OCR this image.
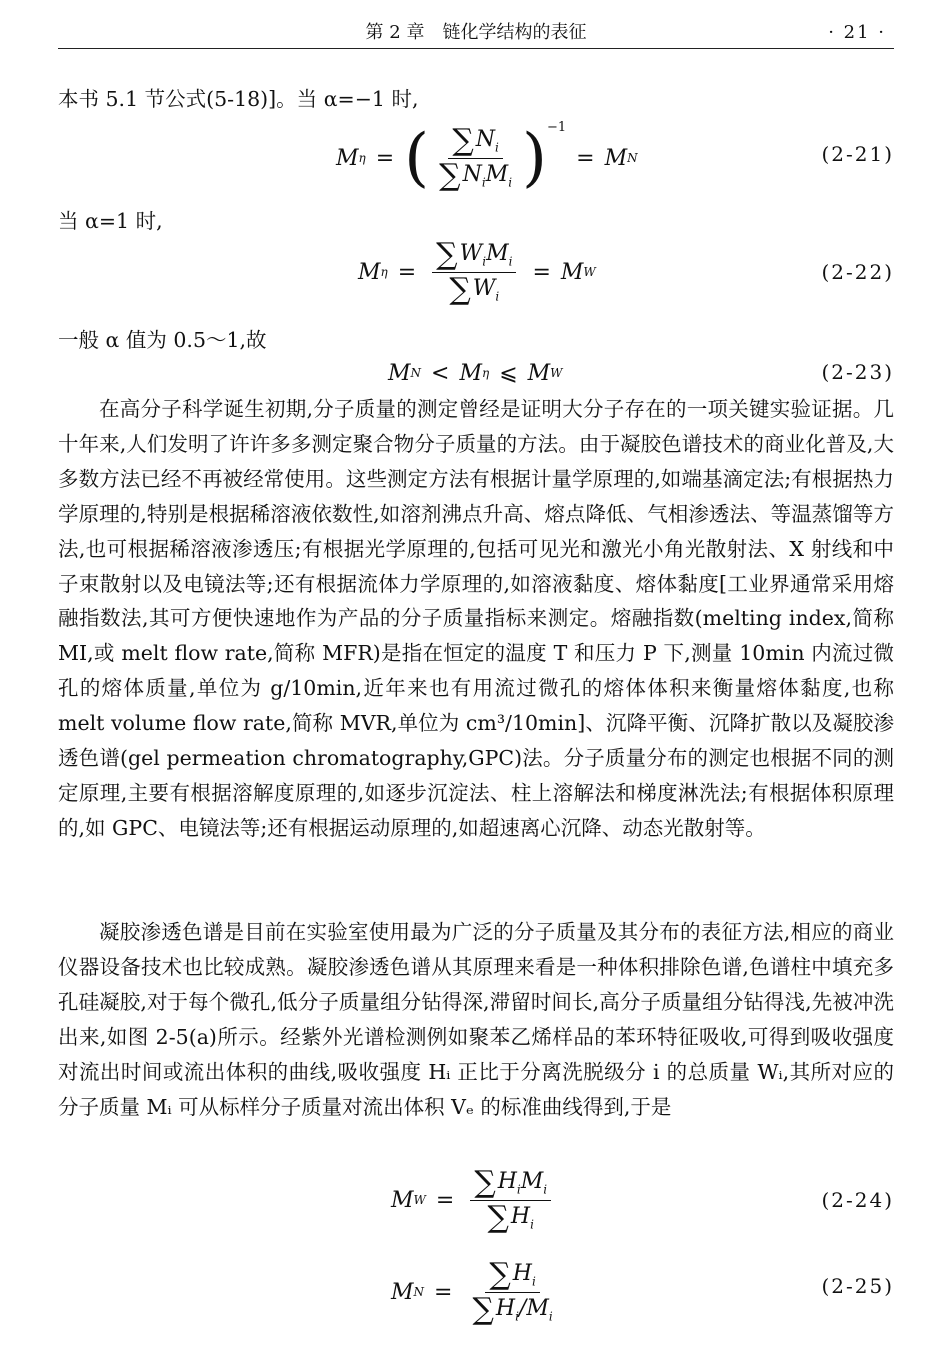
第 2 章　链化学结构的表征	· 21 ·
本书 5.1 节公式(5-18)]。当 α=−1 时,
M η = ( $\frac{\sum N_i}{\sum N_iM_i}$ ) −1
= M N	(2-21)
当 α=1 时,
M $\eta = \frac{\sum W_iM_i}{\sum W_i} = M$ W	(2-22)
一般 α 值为 0.5～1,故
M N < M η ⩽ M W	(2-23)

在高分子科学诞生初期,分子质量的测定曾经是证明大分子存在的一项关键实验证据。几十年来,人们发明了许许多多测定聚合物分子质量的方法。由于凝胶色谱技术的商业化普及,大多数方法已经不再被经常使用。这些测定方法有根据计量学原理的,如端基滴定法;有根据热力学原理的,特别是根据稀溶液依数性,如溶剂沸点升高、熔点降低、气相渗透法、等温蒸馏等方法,也可根据稀溶液渗透压;有根据光学原理的,包括可见光和激光小角光散射法、X 射线和中子束散射以及电镜法等;还有根据流体力学原理的,如溶液黏度、熔体黏度[工业界通常采用熔融指数法,其可方便快速地作为产品的分子质量指标来测定。熔融指数(melting index,简称 MI,或 melt flow rate,简称 MFR)是指在恒定的温度 T 和压力 P 下,测量 10min 内流过微孔的熔体质量,单位为 g/10min,近年来也有用流过微孔的熔体体积来衡量熔体黏度,也称 melt volume flow rate,简称 MVR,单位为 cm³/10min]、沉降平衡、沉降扩散以及凝胶渗透色谱(gel permeation chromatography,GPC)法。分子质量分布的测定也根据不同的测定原理,主要有根据溶解度原理的,如逐步沉淀法、柱上溶解法和梯度淋洗法;有根据体积原理的,如 GPC、电镜法等;还有根据运动原理的,如超速离心沉降、动态光散射等。

凝胶渗透色谱是目前在实验室使用最为广泛的分子质量及其分布的表征方法,相应的商业仪器设备技术也比较成熟。凝胶渗透色谱从其原理来看是一种体积排除色谱,色谱柱中填充多孔硅凝胶,对于每个微孔,低分子质量组分钻得深,滞留时间长,高分子质量组分钻得浅,先被冲洗出来,如图 2-5(a)所示。经紫外光谱检测例如聚苯乙烯样品的苯环特征吸收,可得到吸收强度对流出时间或流出体积的曲线,吸收强度 Hᵢ 正比于分离洗脱级分 i 的总质量 Wᵢ,其所对应的分子质量 Mᵢ 可从标样分子质量对流出体积 Vₑ 的标准曲线得到,于是

M $W = \frac{\sum H_iM_i}{\sum H_i}$	(2-24)
M $N = \frac{\sum H_i}{\sum H_i/M_i}$	(2-25)
